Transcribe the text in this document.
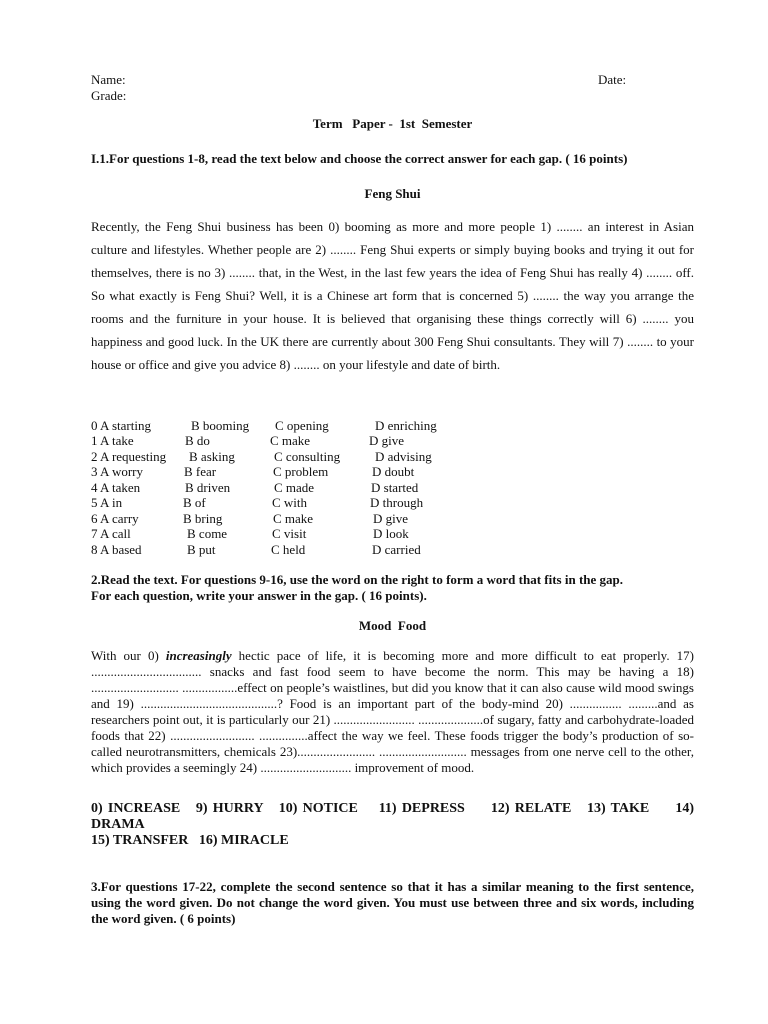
Name:	Date:
Grade:
Term   Paper -  1st  Semester
I.1.For questions 1-8, read the text below and choose the correct answer for each gap. ( 16 points)
Feng Shui
Recently, the Feng Shui business has been 0) booming as more and more people 1) ........ an interest in Asian culture and lifestyles. Whether people are 2) ........ Feng Shui experts or simply buying books and trying it out for themselves, there is no 3) ........ that, in the West, in the last few years the idea of Feng Shui has really 4) ........ off. So what exactly is Feng Shui? Well, it is a Chinese art form that is concerned 5) ........ the way you arrange the rooms and the furniture in your house. It is believed that organising these things correctly will 6) ........ you happiness and good luck. In the UK there are currently about 300 Feng Shui consultants. They will 7) ........ to your house or office and give you advice 8) ........ on your lifestyle and date of birth.
0 A starting	B booming C opening	D enriching
1 A take	B do	C make	D give
2 A requesting B asking	C consulting	D advising
3 A worry	B fear	C problem	D doubt
4 A taken	B driven	C made	D started
5 A in	B of	C with	D through
6 A carry	B bring	C make	D give
7 A call	B come	C visit	D look
8 A based	B put	C held	D carried
2.Read the text. For questions 9-16, use the word on the right to form a word that fits in the gap.
For each question, write your answer in the gap. ( 16 points).
Mood  Food
With our 0) increasingly hectic pace of life, it is becoming more and more difficult to eat properly. 17) .................................. snacks and fast food seem to have become the norm. This may be having a 18) ........................... .................effect on people’s waistlines, but did you know that it can also cause wild mood swings and 19) ..........................................? Food is an important part of the body-mind 20) ................ .........and as researchers point out, it is particularly our 21) ......................... ....................of sugary, fatty and carbohydrate-loaded foods that 22) .......................... ...............affect the way we feel. These foods trigger the body’s production of so-called neurotransmitters, chemicals 23)........................ ........................... messages from one nerve cell to the other, which provides a seemingly 24) ............................ improvement of mood.
0) INCREASE   9) HURRY   10) NOTICE    11) DEPRESS     12) RELATE   13) TAKE     14) DRAMA
15) TRANSFER   16) MIRACLE
3.For questions 17-22, complete the second sentence so that it has a similar meaning to the first sentence, using the word given. Do not change the word given. You must use between three and six words, including the word given. ( 6 points)
